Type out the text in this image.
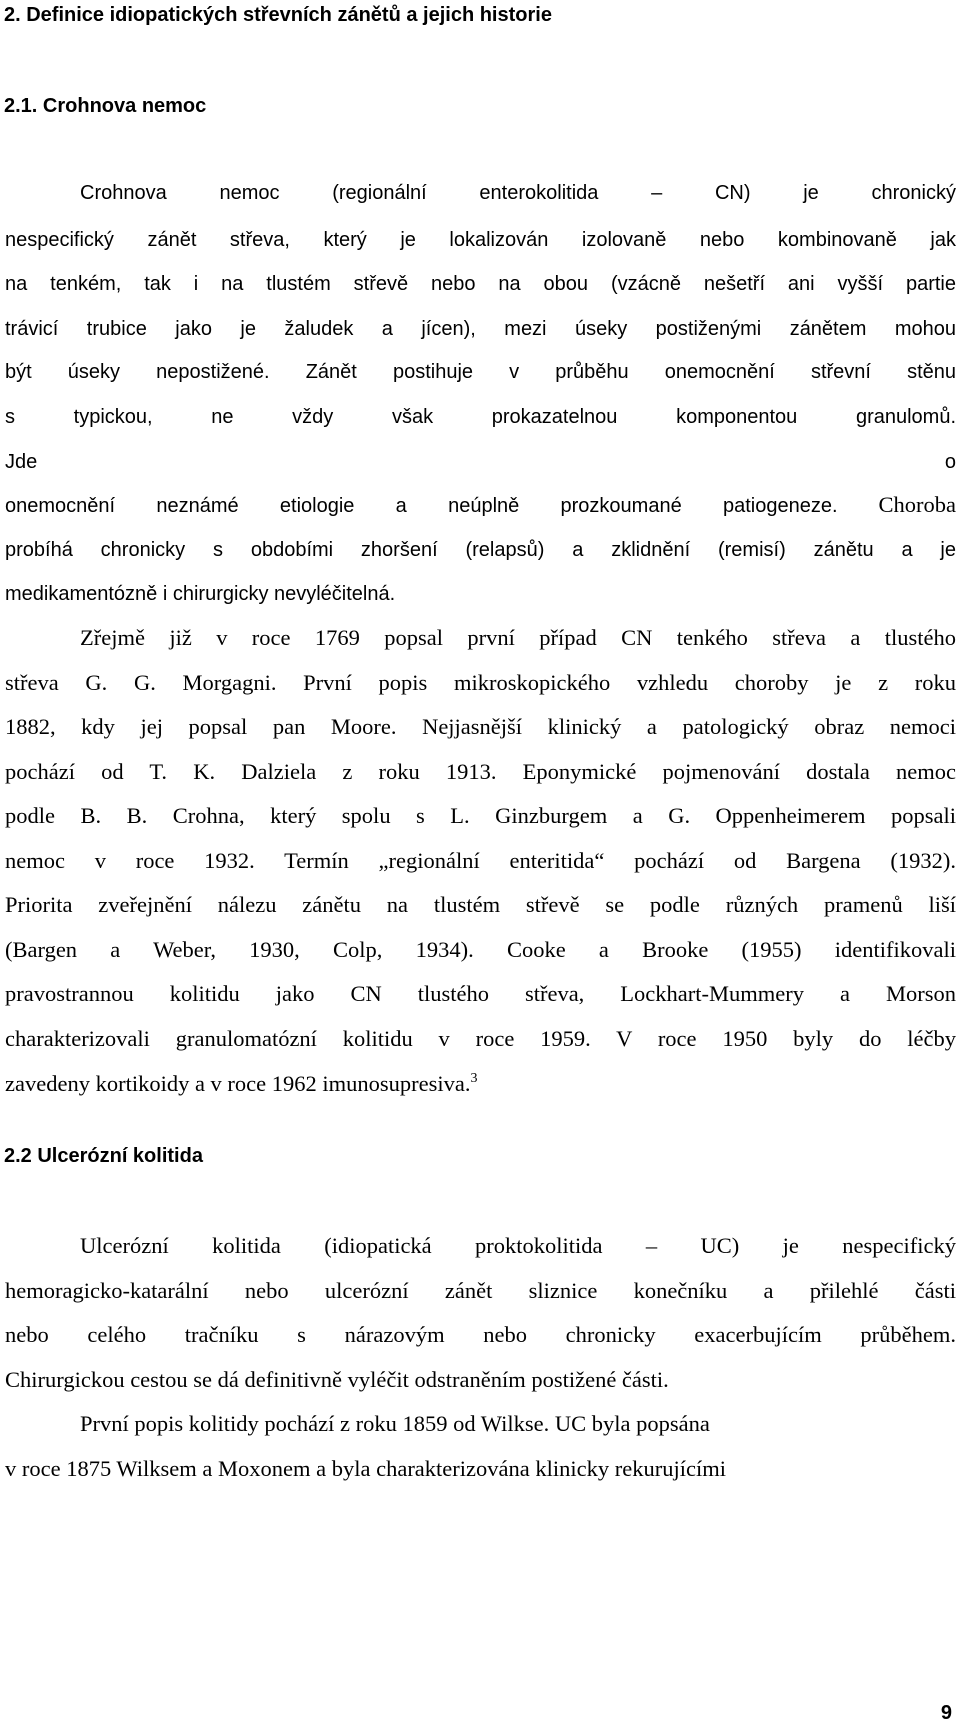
2. Definice idiopatických střevních zánětů a jejich historie
2.1. Crohnova nemoc
Crohnova nemoc (regionální enterokolitida – CN) je chronický
nespecifický zánět střeva, který je lokalizován izolovaně nebo kombinovaně jak
na tenkém, tak i na tlustém střevě nebo na obou (vzácně nešetří ani vyšší partie
trávicí trubice jako je žaludek a jícen), mezi úseky postiženými zánětem mohou
být úseky nepostižené. Zánět postihuje v průběhu onemocnění střevní stěnu
s typickou, ne vždy však prokazatelnou komponentou granulomů.
Jde o
onemocnění neznámé etiologie a neúplně prozkoumané patiogeneze. Choroba
probíhá chronicky s obdobími zhoršení (relapsů) a zklidnění (remisí) zánětu a je
medikamentózně i chirurgicky nevyléčitelná.
Zřejmě již v roce 1769 popsal první případ CN tenkého střeva a tlustého
střeva G. G. Morgagni. První popis mikroskopického vzhledu choroby je z roku
1882, kdy jej popsal pan Moore. Nejjasnější klinický a patologický obraz nemoci
pochází od T. K. Dalziela z roku 1913. Eponymické pojmenování dostala nemoc
podle B. B. Crohna, který spolu s L. Ginzburgem a G. Oppenheimerem popsali
nemoc v roce 1932. Termín „regionální enteritida“ pochází od Bargena (1932).
Priorita zveřejnění nálezu zánětu na tlustém střevě se podle různých pramenů liší
(Bargen a Weber, 1930, Colp, 1934). Cooke a Brooke (1955) identifikovali
pravostrannou kolitidu jako CN tlustého střeva, Lockhart-Mummery a Morson
charakterizovali granulomatózní kolitidu v roce 1959. V roce 1950 byly do léčby
zavedeny kortikoidy a v roce 1962 imunosupresiva.$^3$
2.2 Ulcerózní kolitida
Ulcerózní kolitida (idiopatická proktokolitida – UC) je nespecifický
hemoragicko-katarální nebo ulcerózní zánět sliznice konečníku a přilehlé části
nebo celého tračníku s nárazovým nebo chronicky exacerbujícím průběhem.
Chirurgickou cestou se dá definitivně vyléčit odstraněním postižené části.
První popis kolitidy pochází z roku 1859 od Wilkse. UC byla popsána
v roce 1875 Wilksem a Moxonem a byla charakterizována klinicky rekurujícími
9
